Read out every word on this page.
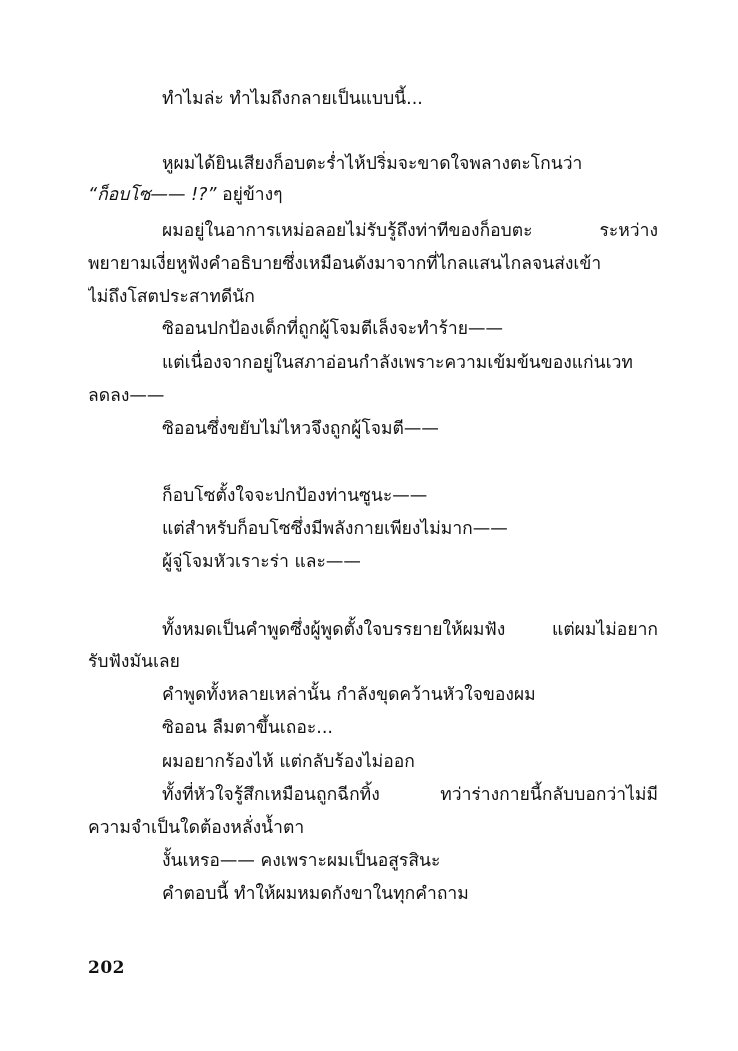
ทำไมล่ะ ทำไมถึงกลายเป็นแบบนี้...
หูผมได้ยินเสียงก็อบตะร่ำไห้ปริ่มจะขาดใจพลางตะโกนว่า
“ก็อบโซ—— !?” อยู่ข้างๆ
ผมอยู่ในอาการเหม่อลอยไม่รับรู้ถึงท่าทีของก็อบตะ ระหว่าง
พยายามเงี่ยหูฟังคำอธิบายซึ่งเหมือนดังมาจากที่ไกลแสนไกลจนส่งเข้า
ไม่ถึงโสตประสาทดีนัก
ซิออนปกป้องเด็กที่ถูกผู้โจมตีเล็งจะทำร้าย——
แต่เนื่องจากอยู่ในสภาอ่อนกำลังเพราะความเข้มข้นของแก่นเวท
ลดลง——
ซิออนซึ่งขยับไม่ไหวจึงถูกผู้โจมตี——
ก็อบโซตั้งใจจะปกป้องท่านซูนะ——
แต่สำหรับก็อบโซซึ่งมีพลังกายเพียงไม่มาก——
ผู้จู่โจมหัวเราะร่า และ——
ทั้งหมดเป็นคำพูดซึ่งผู้พูดตั้งใจบรรยายให้ผมฟัง แต่ผมไม่อยาก
รับฟังมันเลย
คำพูดทั้งหลายเหล่านั้น กำลังขุดคว้านหัวใจของผม
ซิออน ลืมตาขึ้นเถอะ...
ผมอยากร้องไห้ แต่กลับร้องไม่ออก
ทั้งที่หัวใจรู้สึกเหมือนถูกฉีกทิ้ง ทว่าร่างกายนี้กลับบอกว่าไม่มี
ความจำเป็นใดต้องหลั่งน้ำตา
งั้นเหรอ—— คงเพราะผมเป็นอสูรสินะ
คำตอบนี้ ทำให้ผมหมดกังขาในทุกคำถาม
202
